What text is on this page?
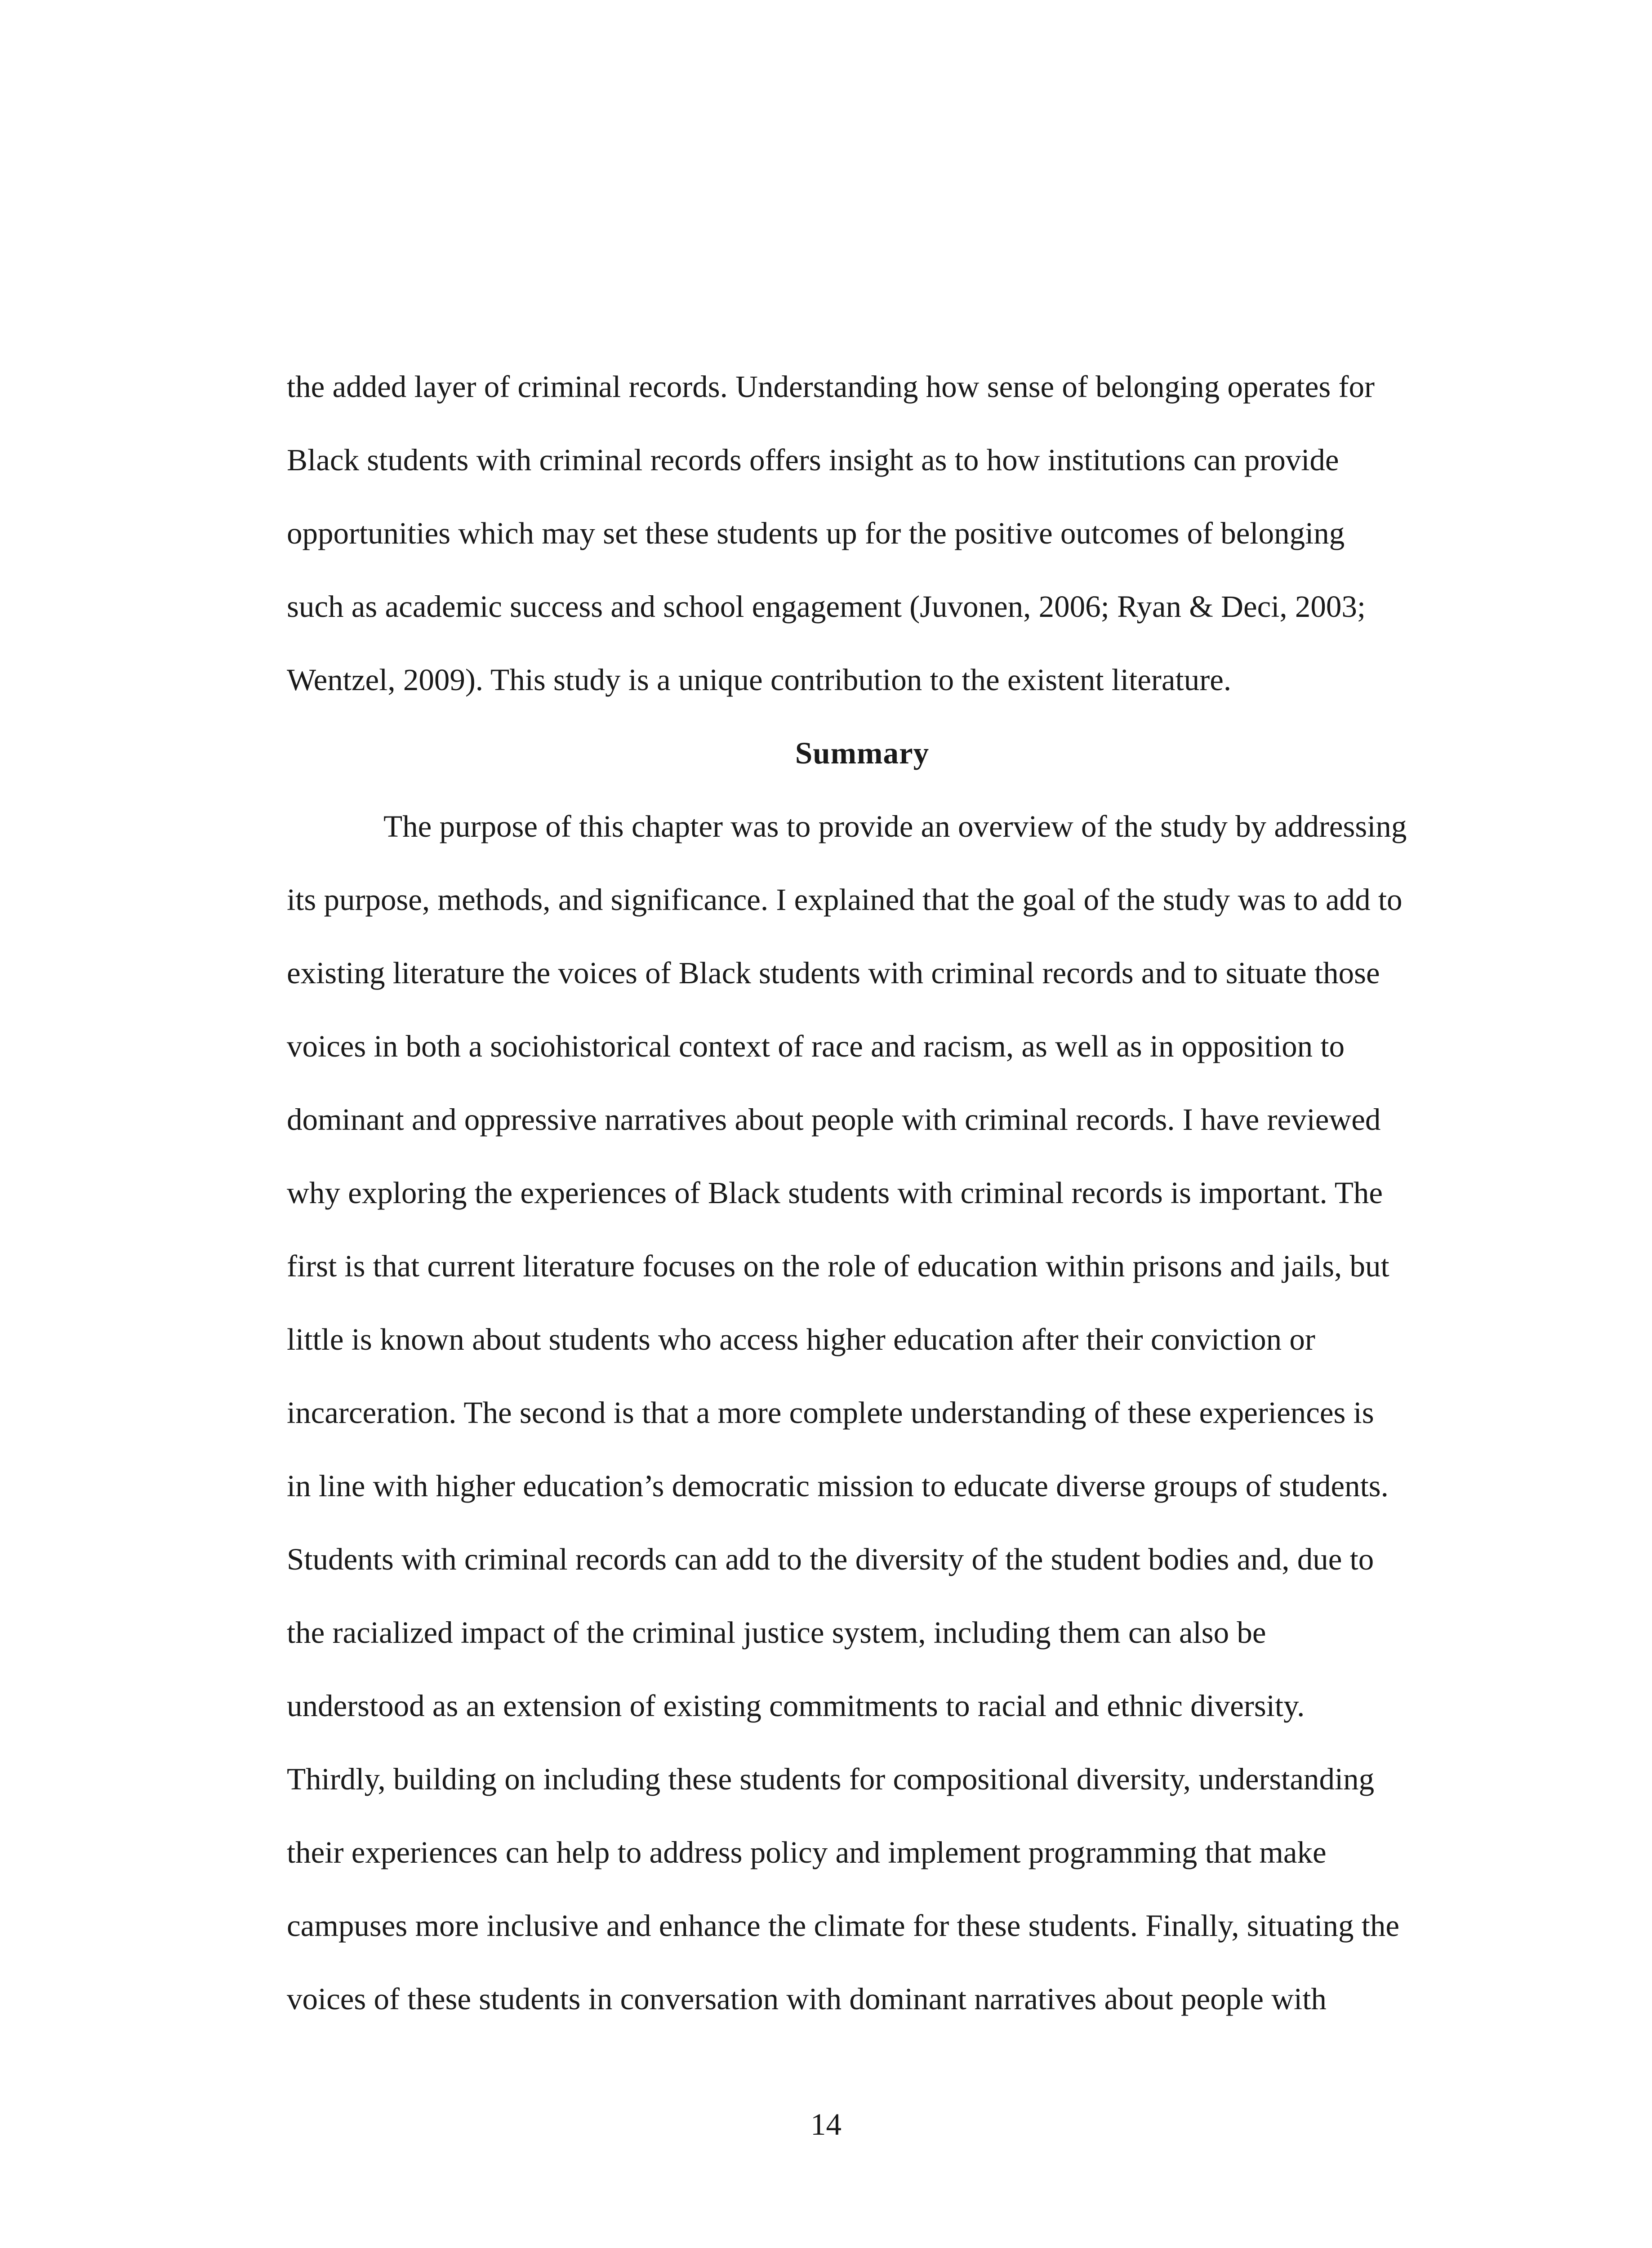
the added layer of criminal records. Understanding how sense of belonging operates for
Black students with criminal records offers insight as to how institutions can provide
opportunities which may set these students up for the positive outcomes of belonging
such as academic success and school engagement (Juvonen, 2006; Ryan & Deci, 2003;
Wentzel, 2009). This study is a unique contribution to the existent literature.
Summary
The purpose of this chapter was to provide an overview of the study by addressing
its purpose, methods, and significance. I explained that the goal of the study was to add to
existing literature the voices of Black students with criminal records and to situate those
voices in both a sociohistorical context of race and racism, as well as in opposition to
dominant and oppressive narratives about people with criminal records. I have reviewed
why exploring the experiences of Black students with criminal records is important. The
first is that current literature focuses on the role of education within prisons and jails, but
little is known about students who access higher education after their conviction or
incarceration. The second is that a more complete understanding of these experiences is
in line with higher education’s democratic mission to educate diverse groups of students.
Students with criminal records can add to the diversity of the student bodies and, due to
the racialized impact of the criminal justice system, including them can also be
understood as an extension of existing commitments to racial and ethnic diversity.
Thirdly, building on including these students for compositional diversity, understanding
their experiences can help to address policy and implement programming that make
campuses more inclusive and enhance the climate for these students. Finally, situating the
voices of these students in conversation with dominant narratives about people with
14
